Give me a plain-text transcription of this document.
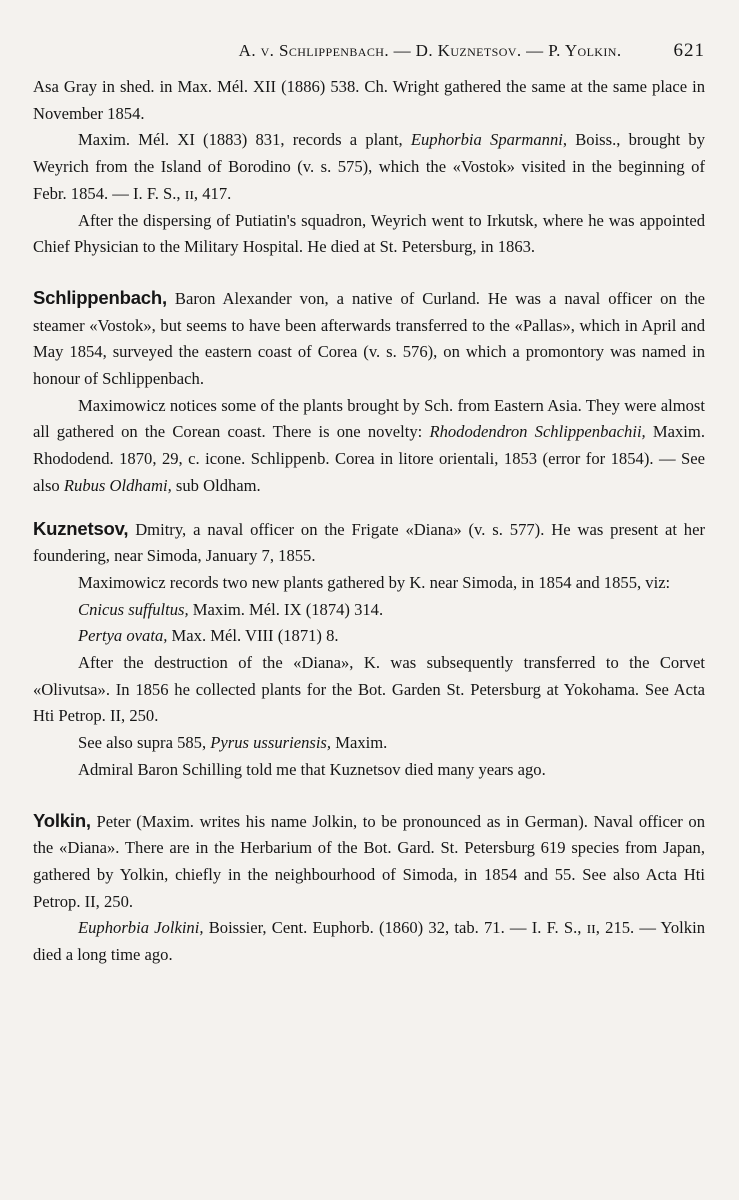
A. v. Schlippenbach. — D. Kuznetsov. — P. Yolkin.	621

Asa Gray in shed. in Max. Mél. XII (1886) 538. Ch. Wright gathered the same at the same place in November 1854.

Maxim. Mél. XI (1883) 831, records a plant, Euphorbia Sparmanni, Boiss., brought by Weyrich from the Island of Borodino (v. s. 575), which the «Vostok» visited in the beginning of Febr. 1854. — I. F. S., ɪɪ, 417.

After the dispersing of Putiatin's squadron, Weyrich went to Irkutsk, where he was appointed Chief Physician to the Military Hospital. He died at St. Petersburg, in 1863.

Schlippenbach, Baron Alexander von, a native of Curland. He was a naval officer on the steamer «Vostok», but seems to have been afterwards transferred to the «Pallas», which in April and May 1854, surveyed the eastern coast of Corea (v. s. 576), on which a promontory was named in honour of Schlippenbach.

Maximowicz notices some of the plants brought by Sch. from Eastern Asia. They were almost all gathered on the Corean coast. There is one novelty: Rhododendron Schlippenbachii, Maxim. Rhododend. 1870, 29, c. icone. Schlippenb. Corea in litore orientali, 1853 (error for 1854). — See also Rubus Oldhami, sub Oldham.

Kuznetsov, Dmitry, a naval officer on the Frigate «Diana» (v. s. 577). He was present at her foundering, near Simoda, January 7, 1855.

Maximowicz records two new plants gathered by K. near Simoda, in 1854 and 1855, viz:

Cnicus suffultus, Maxim. Mél. IX (1874) 314.

Pertya ovata, Max. Mél. VIII (1871) 8.

After the destruction of the «Diana», K. was subsequently transferred to the Corvet «Olivutsa». In 1856 he collected plants for the Bot. Garden St. Petersburg at Yokohama. See Acta Hti Petrop. II, 250.

See also supra 585, Pyrus ussuriensis, Maxim.

Admiral Baron Schilling told me that Kuznetsov died many years ago.

Yolkin, Peter (Maxim. writes his name Jolkin, to be pronounced as in German). Naval officer on the «Diana». There are in the Herbarium of the Bot. Gard. St. Petersburg 619 species from Japan, gathered by Yolkin, chiefly in the neighbourhood of Simoda, in 1854 and 55. See also Acta Hti Petrop. II, 250.

Euphorbia Jolkini, Boissier, Cent. Euphorb. (1860) 32, tab. 71. — I. F. S., ɪɪ, 215. — Yolkin died a long time ago.
